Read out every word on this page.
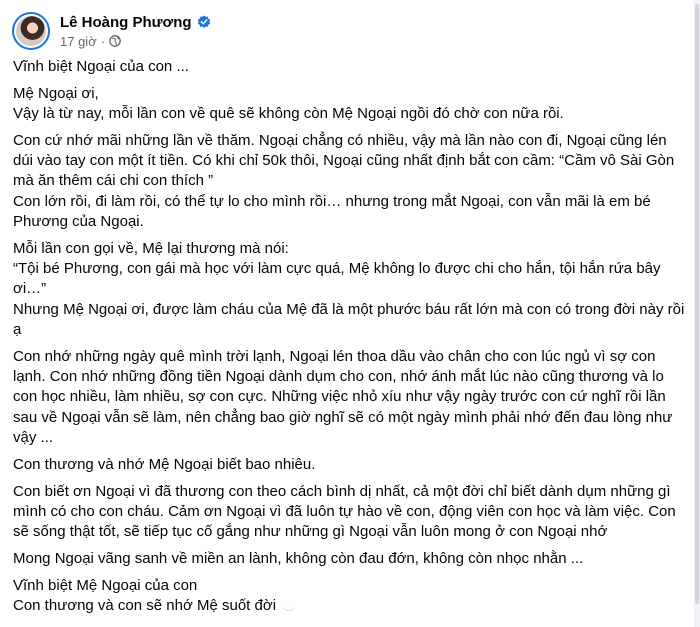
Lê Hoàng Phương
17 giờ ·

Vĩnh biệt Ngoại của con ...

Mệ Ngoại ơi,
Vậy là từ nay, mỗi lần con về quê sẽ không còn Mệ Ngoại ngồi đó chờ con nữa rồi.

Con cứ nhớ mãi những lần về thăm. Ngoại chẳng có nhiều, vậy mà lần nào con đi, Ngoại cũng lén
dúi vào tay con một ít tiền. Có khi chỉ 50k thôi, Ngoại cũng nhất định bắt con cầm: “Cầm vô Sài Gòn
mà ăn thêm cái chi con thích ”
Con lớn rồi, đi làm rồi, có thể tự lo cho mình rồi… nhưng trong mắt Ngoại, con vẫn mãi là em bé
Phương của Ngoại.

Mỗi lần con gọi về, Mệ lại thương mà nói:
“Tội bé Phương, con gái mà học với làm cực quá, Mệ không lo được chi cho hắn, tội hắn rứa bây
ơi…”
Nhưng Mệ Ngoại ơi, được làm cháu của Mệ đã là một phước báu rất lớn mà con có trong đời này rồi
ạ

Con nhớ những ngày quê mình trời lạnh, Ngoại lén thoa dầu vào chân cho con lúc ngủ vì sợ con
lạnh. Con nhớ những đồng tiền Ngoại dành dụm cho con, nhớ ánh mắt lúc nào cũng thương và lo
con học nhiều, làm nhiều, sợ con cực. Những việc nhỏ xíu như vậy ngày trước con cứ nghĩ rồi lần
sau về Ngoại vẫn sẽ làm, nên chẳng bao giờ nghĩ sẽ có một ngày mình phải nhớ đến đau lòng như
vậy ...

Con thương và nhớ Mệ Ngoại biết bao nhiêu.

Con biết ơn Ngoại vì đã thương con theo cách bình dị nhất, cả một đời chỉ biết dành dụm những gì
mình có cho con cháu. Cảm ơn Ngoại vì đã luôn tự hào về con, động viên con học và làm việc. Con
sẽ sống thật tốt, sẽ tiếp tục cố gắng như những gì Ngoại vẫn luôn mong ở con Ngoại nhớ

Mong Ngoại vãng sanh về miền an lành, không còn đau đớn, không còn nhọc nhằn ...

Vĩnh biệt Mệ Ngoại của con
Con thương và con sẽ nhớ Mệ suốt đời
